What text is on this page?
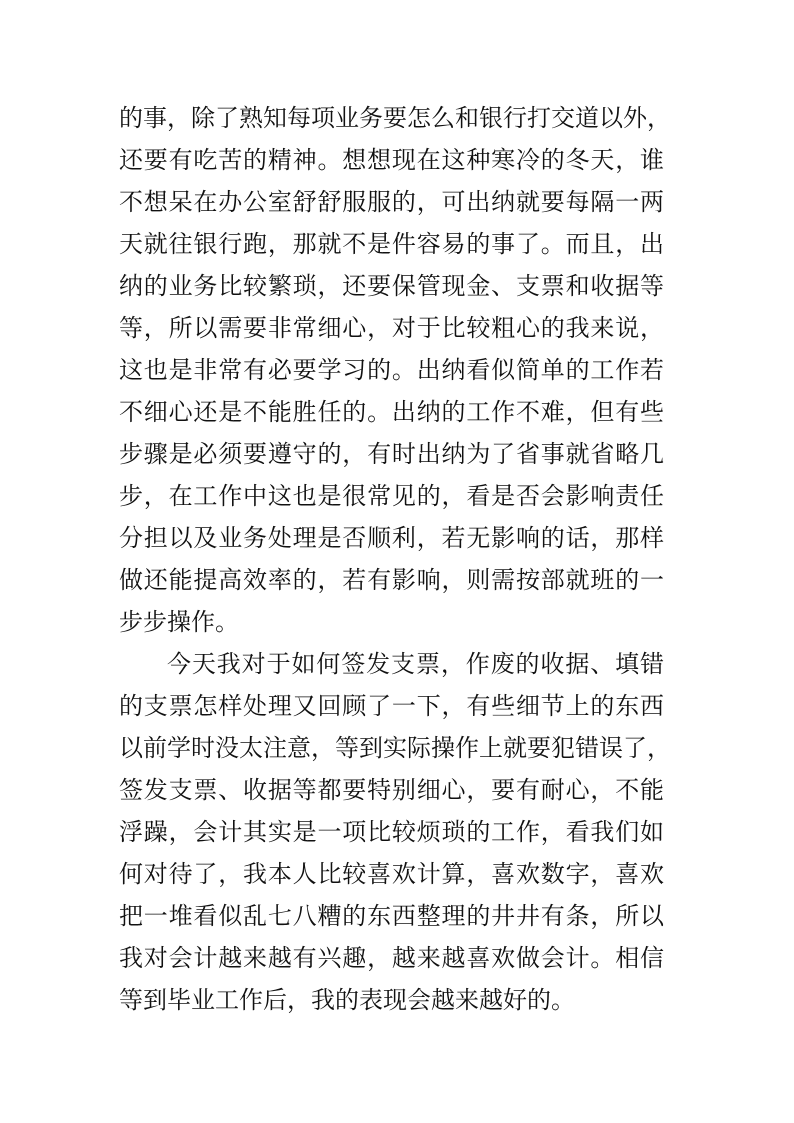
的事，除了熟知每项业务要怎么和银行打交道以外，
还要有吃苦的精神。想想现在这种寒冷的冬天，谁
不想呆在办公室舒舒服服的，可出纳就要每隔一两
天就往银行跑，那就不是件容易的事了。而且，出
纳的业务比较繁琐，还要保管现金、支票和收据等
等，所以需要非常细心，对于比较粗心的我来说，
这也是非常有必要学习的。出纳看似简单的工作若
不细心还是不能胜任的。出纳的工作不难，但有些
步骤是必须要遵守的，有时出纳为了省事就省略几
步，在工作中这也是很常见的，看是否会影响责任
分担以及业务处理是否顺利，若无影响的话，那样
做还能提高效率的，若有影响，则需按部就班的一
步步操作。
今天我对于如何签发支票，作废的收据、填错
的支票怎样处理又回顾了一下，有些细节上的东西
以前学时没太注意，等到实际操作上就要犯错误了，
签发支票、收据等都要特别细心，要有耐心，不能
浮躁，会计其实是一项比较烦琐的工作，看我们如
何对待了，我本人比较喜欢计算，喜欢数字，喜欢
把一堆看似乱七八糟的东西整理的井井有条，所以
我对会计越来越有兴趣，越来越喜欢做会计。相信
等到毕业工作后，我的表现会越来越好的。
